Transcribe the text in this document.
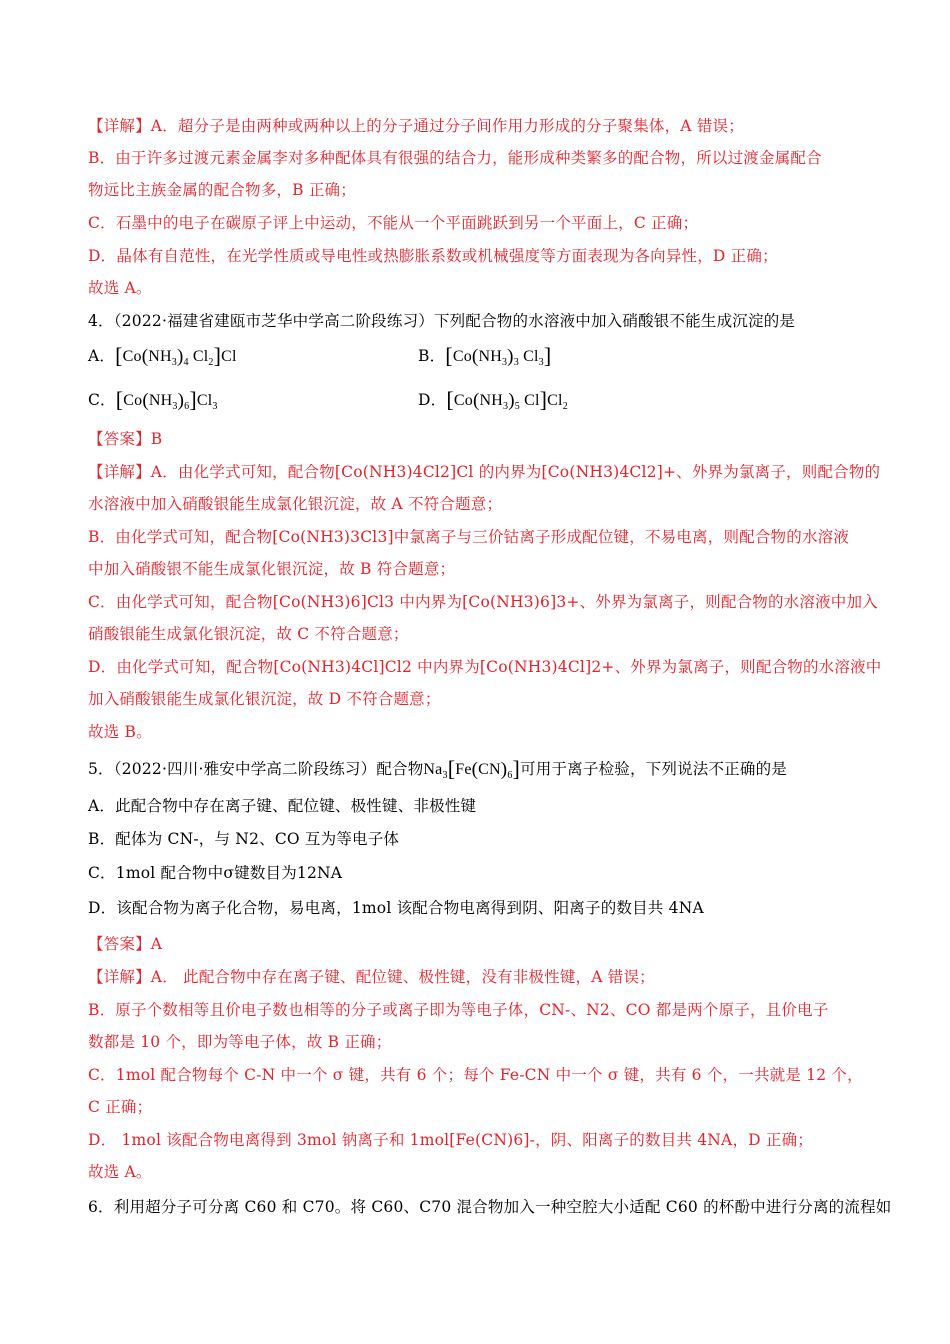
【详解】A．超分子是由两种或两种以上的分子通过分子间作用力形成的分子聚集体，A 错误；
B．由于许多过渡元素金属李对多种配体具有很强的结合力，能形成种类繁多的配合物，所以过渡金属配合
物远比主族金属的配合物多，B 正确；
C．石墨中的电子在碳原子评上中运动，不能从一个平面跳跃到另一个平面上，C 正确；
D．晶体有自范性，在光学性质或导电性或热膨胀系数或机械强度等方面表现为各向异性，D 正确；
故选 A。
4．（2022·福建省建瓯市芝华中学高二阶段练习）下列配合物的水溶液中加入硝酸银不能生成沉淀的是
A．[$Co(NH_3)_4$ $Cl_2]Cl$	B．[$Co(NH_3)_3$ $Cl_3$]
C．$[Co(NH_3)_6]Cl_3$	D．[$Co(NH_3)_5$ $Cl]Cl_2$
【答案】B
【详解】A．由化学式可知，配合物[Co(NH3)4Cl2]Cl 的内界为[Co(NH3)4Cl2]+、外界为氯离子，则配合物的
水溶液中加入硝酸银能生成氯化银沉淀，故 A 不符合题意；
B．由化学式可知，配合物[Co(NH3)3Cl3]中氯离子与三价钴离子形成配位键，不易电离，则配合物的水溶液
中加入硝酸银不能生成氯化银沉淀，故 B 符合题意；
C．由化学式可知，配合物[Co(NH3)6]Cl3 中内界为[Co(NH3)6]3+、外界为氯离子，则配合物的水溶液中加入
硝酸银能生成氯化银沉淀，故 C 不符合题意；
D．由化学式可知，配合物[Co(NH3)4Cl]Cl2 中内界为[Co(NH3)4Cl]2+、外界为氯离子，则配合物的水溶液中
加入硝酸银能生成氯化银沉淀，故 D 不符合题意；
故选 B。
5．（2022·四川·雅安中学高二阶段练习）配合物$Na_3[Fe(CN)_6]$可用于离子检验，下列说法不正确的是
A．此配合物中存在离子键、配位键、极性键、非极性键
B．配体为 CN-，与 N2、CO 互为等电子体
C．1mol 配合物中σ键数目为12NA
D．该配合物为离子化合物，易电离，1mol 该配合物电离得到阴、阳离子的数目共 4NA
【答案】A
【详解】A． 此配合物中存在离子键、配位键、极性键，没有非极性键，A 错误；
B．原子个数相等且价电子数也相等的分子或离子即为等电子体，CN-、N2、CO 都是两个原子，且价电子
数都是 10 个，即为等电子体，故 B 正确；
C．1mol 配合物每个 C-N 中一个 σ 键，共有 6 个；每个 Fe-CN 中一个 σ 键，共有 6 个，一共就是 12 个，
C 正确；
D． 1mol 该配合物电离得到 3mol 钠离子和 1mol[Fe(CN)6]-，阴、阳离子的数目共 4NA，D 正确；
故选 A。
6．利用超分子可分离 C60 和 C70。将 C60、C70 混合物加入一种空腔大小适配 C60 的杯酚中进行分离的流程如
